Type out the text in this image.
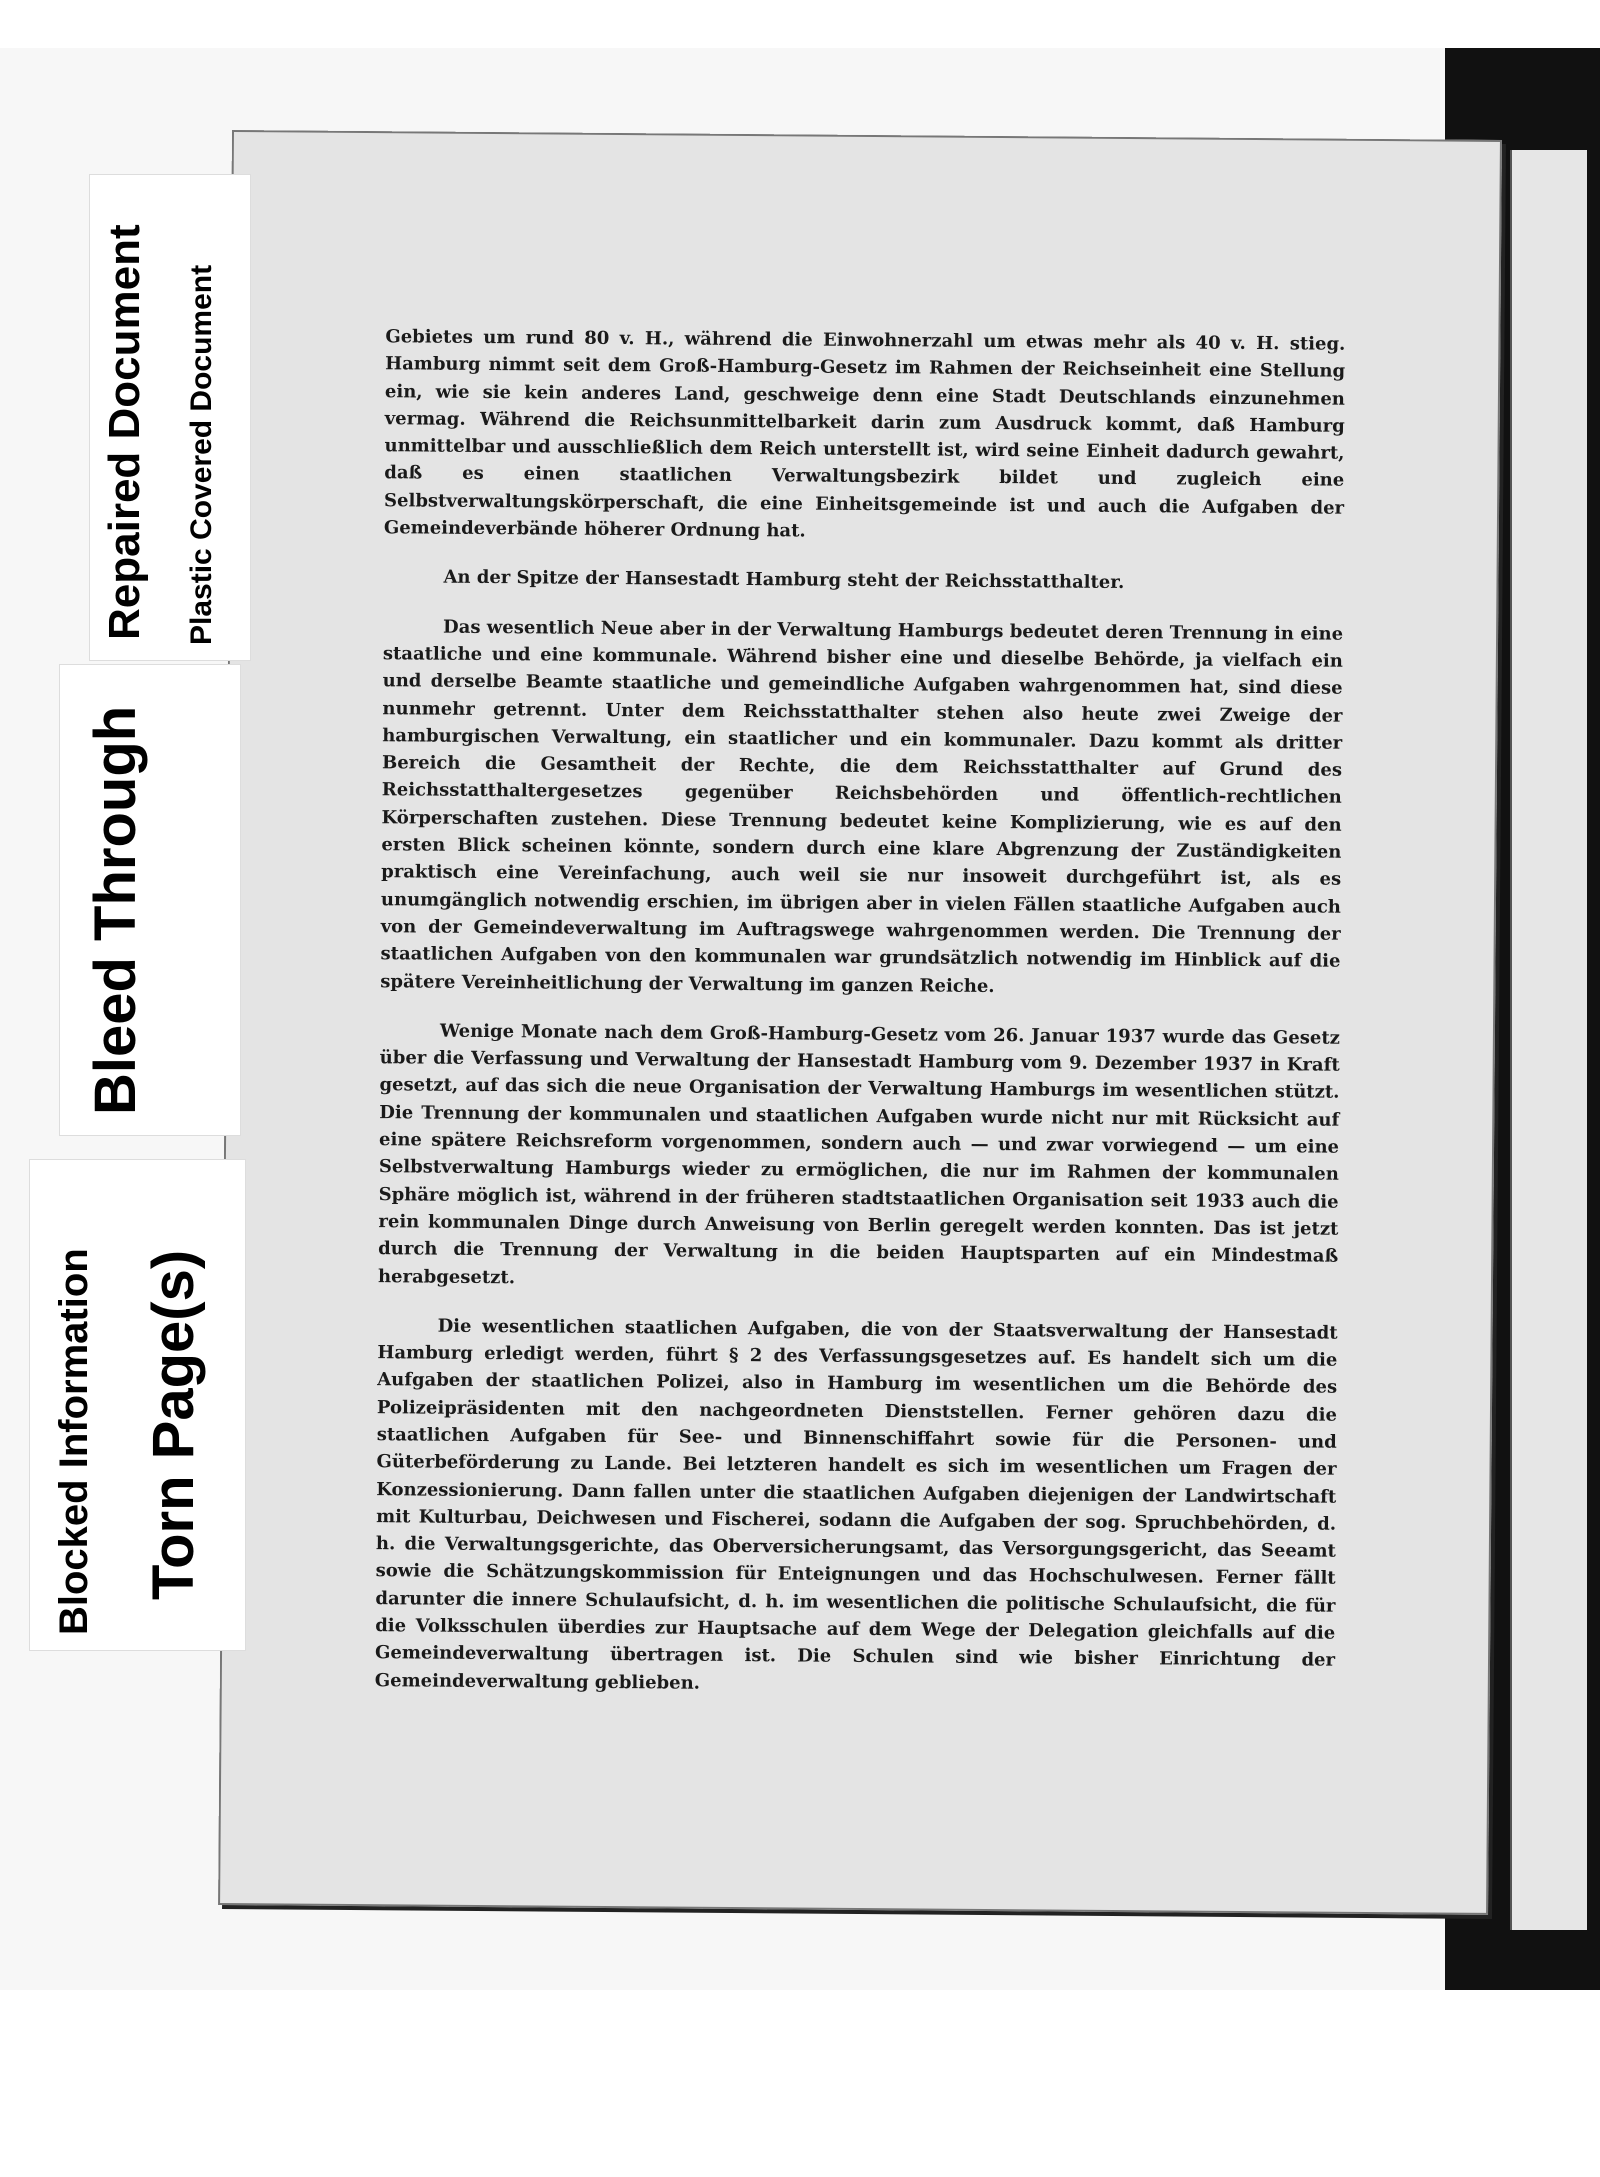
Gebietes um rund 80 v. H., während die Einwohnerzahl um etwas mehr als 40 v. H. stieg. Hamburg nimmt seit dem Groß-Hamburg-Gesetz im Rahmen der Reichseinheit eine Stellung ein, wie sie kein anderes Land, geschweige denn eine Stadt Deutschlands einzunehmen vermag. Während die Reichsunmittelbarkeit darin zum Ausdruck kommt, daß Hamburg unmittelbar und ausschließlich dem Reich unterstellt ist, wird seine Einheit dadurch gewahrt, daß es einen staatlichen Verwaltungsbezirk bildet und zugleich eine Selbstverwaltungskörperschaft, die eine Einheitsgemeinde ist und auch die Aufgaben der Gemeindeverbände höherer Ordnung hat.

An der Spitze der Hansestadt Hamburg steht der Reichsstatthalter.

Das wesentlich Neue aber in der Verwaltung Hamburgs bedeutet deren Trennung in eine staatliche und eine kommunale. Während bisher eine und dieselbe Behörde, ja vielfach ein und derselbe Beamte staatliche und gemeindliche Aufgaben wahrgenommen hat, sind diese nunmehr getrennt. Unter dem Reichsstatthalter stehen also heute zwei Zweige der hamburgischen Verwaltung, ein staatlicher und ein kommunaler. Dazu kommt als dritter Bereich die Gesamtheit der Rechte, die dem Reichsstatthalter auf Grund des Reichsstatthaltergesetzes gegenüber Reichsbehörden und öffentlich-rechtlichen Körperschaften zustehen. Diese Trennung bedeutet keine Komplizierung, wie es auf den ersten Blick scheinen könnte, sondern durch eine klare Abgrenzung der Zuständigkeiten praktisch eine Vereinfachung, auch weil sie nur insoweit durchgeführt ist, als es unumgänglich notwendig erschien, im übrigen aber in vielen Fällen staatliche Aufgaben auch von der Gemeindeverwaltung im Auftragswege wahrgenommen werden. Die Trennung der staatlichen Aufgaben von den kommunalen war grundsätzlich notwendig im Hinblick auf die spätere Vereinheitlichung der Verwaltung im ganzen Reiche.

Wenige Monate nach dem Groß-Hamburg-Gesetz vom 26. Januar 1937 wurde das Gesetz über die Verfassung und Verwaltung der Hansestadt Hamburg vom 9. Dezember 1937 in Kraft gesetzt, auf das sich die neue Organisation der Verwaltung Hamburgs im wesentlichen stützt. Die Trennung der kommunalen und staatlichen Aufgaben wurde nicht nur mit Rücksicht auf eine spätere Reichsreform vorgenommen, sondern auch — und zwar vorwiegend — um eine Selbstverwaltung Hamburgs wieder zu ermöglichen, die nur im Rahmen der kommunalen Sphäre möglich ist, während in der früheren stadtstaatlichen Organisation seit 1933 auch die rein kommunalen Dinge durch Anweisung von Berlin geregelt werden konnten. Das ist jetzt durch die Trennung der Verwaltung in die beiden Hauptsparten auf ein Mindestmaß herabgesetzt.

Die wesentlichen staatlichen Aufgaben, die von der Staatsverwaltung der Hansestadt Hamburg erledigt werden, führt § 2 des Verfassungsgesetzes auf. Es handelt sich um die Aufgaben der staatlichen Polizei, also in Hamburg im wesentlichen um die Behörde des Polizeipräsidenten mit den nachgeordneten Dienststellen. Ferner gehören dazu die staatlichen Aufgaben für See- und Binnenschiffahrt sowie für die Personen- und Güterbeförderung zu Lande. Bei letzteren handelt es sich im wesentlichen um Fragen der Konzessionierung. Dann fallen unter die staatlichen Aufgaben diejenigen der Landwirtschaft mit Kulturbau, Deichwesen und Fischerei, sodann die Aufgaben der sog. Spruchbehörden, d. h. die Verwaltungsgerichte, das Oberversicherungsamt, das Versorgungsgericht, das Seeamt sowie die Schätzungskommission für Enteignungen und das Hochschulwesen. Ferner fällt darunter die innere Schulaufsicht, d. h. im wesentlichen die politische Schulaufsicht, die für die Volksschulen überdies zur Hauptsache auf dem Wege der Delegation gleichfalls auf die Gemeindeverwaltung übertragen ist. Die Schulen sind wie bisher Einrichtung der Gemeindeverwaltung geblieben.

Repaired Document Plastic Covered Document
Bleed Through
Blocked Information Torn Page(s)
